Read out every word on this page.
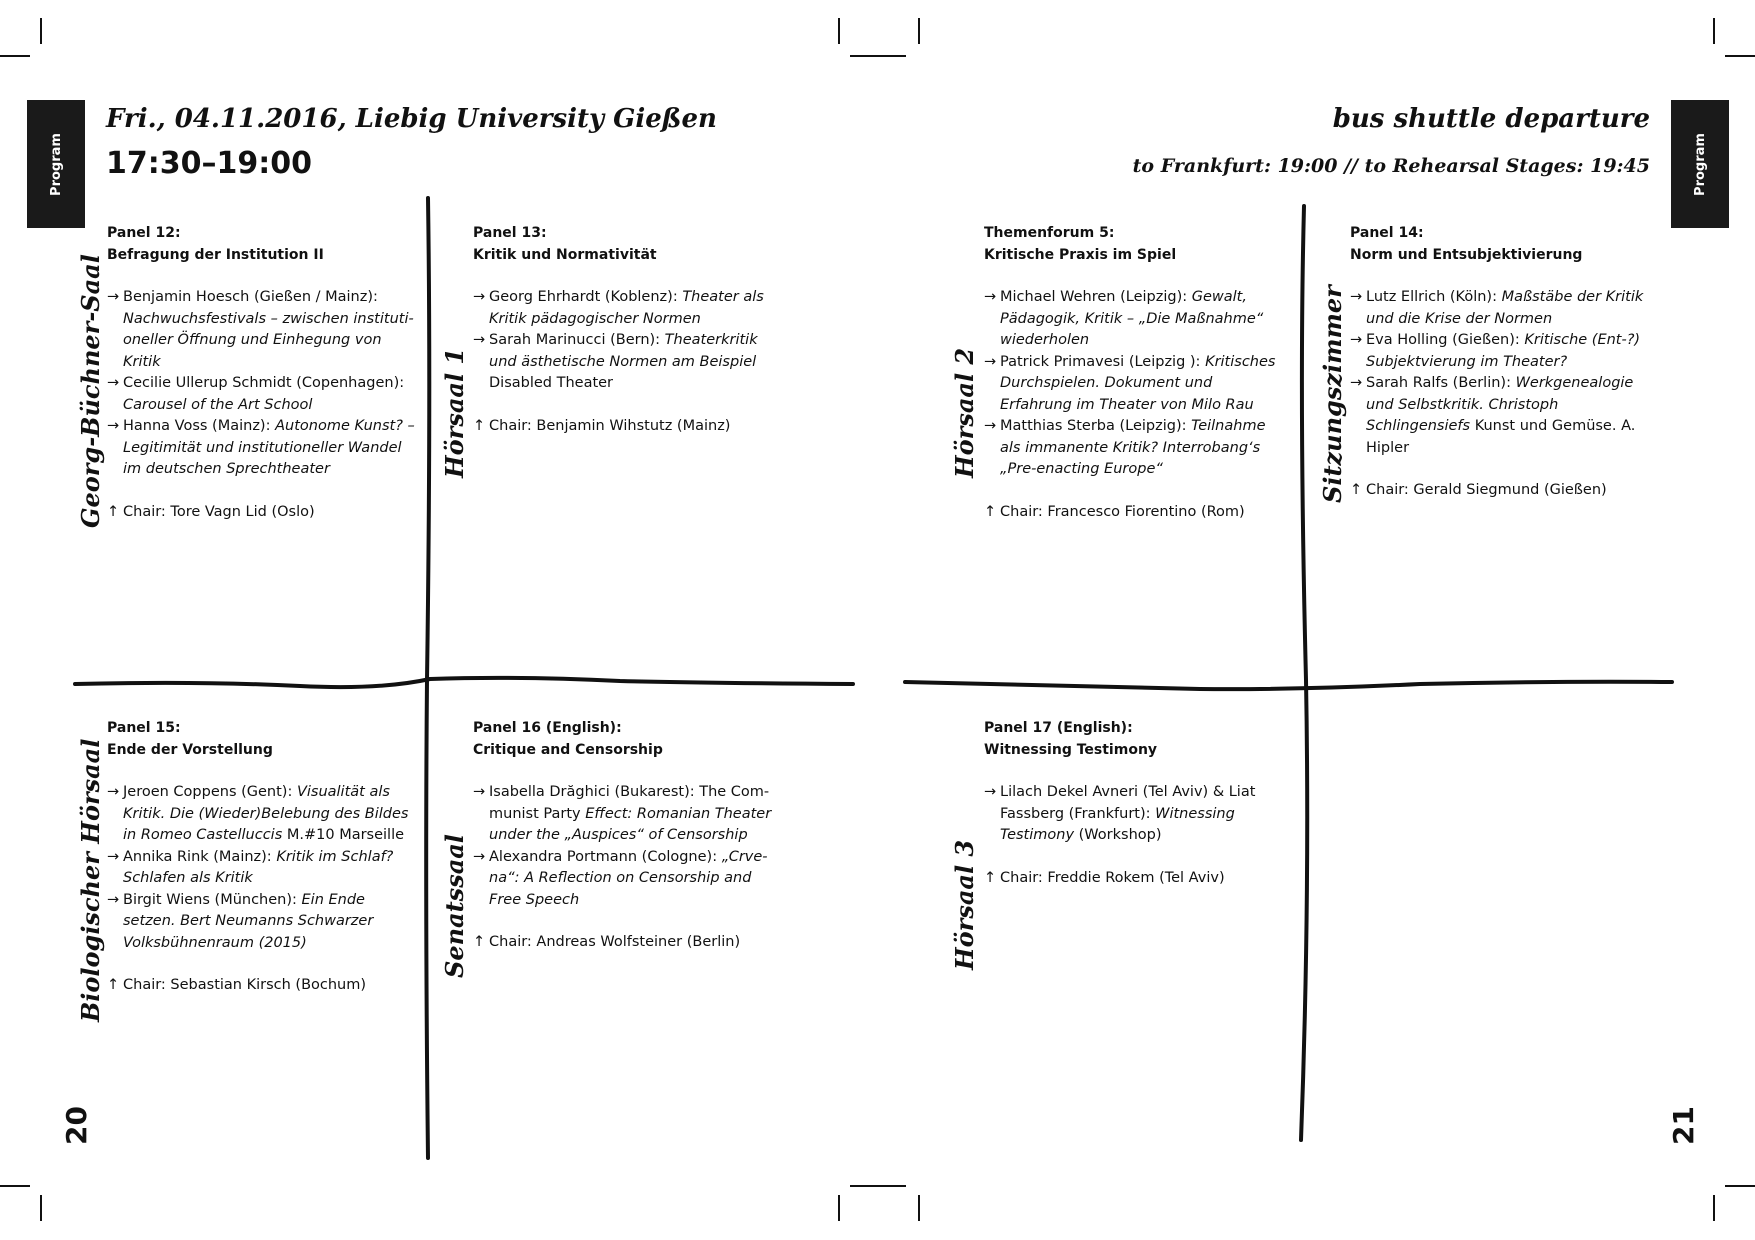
Program	Program
Fri., 04.11.2016, Liebig University Gießen
17:30–19:00
bus shuttle departure
to Frankfurt: 19:00 // to Rehearsal Stages: 19:45
Georg-Büchner-Saal	Hörsaal 1	Hörsaal 2	Sitzungszimmer
Biologischer Hörsaal	Senatssaal	Hörsaal 3
20	21
Panel 12:
Befragung der Institution II
→ Benjamin Hoesch (Gießen / Mainz): Nachwuchsfestivals – zwischen institutioneller Öffnung und Einhegung von Kritik
→ Cecilie Ullerup Schmidt (Copenhagen): Carousel of the Art School
→ Hanna Voss (Mainz): Autonome Kunst? – Legitimität und institutioneller Wandel im deutschen Sprechtheater
↑ Chair: Tore Vagn Lid (Oslo)
Panel 13:
Kritik und Normativität
→ Georg Ehrhardt (Koblenz): Theater als Kritik pädagogischer Normen
→ Sarah Marinucci (Bern): Theaterkritik und ästhetische Normen am Beispiel Disabled Theater
↑ Chair: Benjamin Wihstutz (Mainz)
Themenforum 5:
Kritische Praxis im Spiel
→ Michael Wehren (Leipzig): Gewalt, Pädagogik, Kritik – „Die Maßnahme“ wiederholen
→ Patrick Primavesi (Leipzig ): Kritisches Durchspielen. Dokument und Erfahrung im Theater von Milo Rau
→ Matthias Sterba (Leipzig): Teilnahme als immanente Kritik? Interrobang‘s „Pre-enacting Europe“
↑ Chair: Francesco Fiorentino (Rom)
Panel 14:
Norm und Entsubjektivierung
→ Lutz Ellrich (Köln): Maßstäbe der Kritik und die Krise der Normen
→ Eva Holling (Gießen): Kritische (Ent-?) Subjektvierung im Theater?
→ Sarah Ralfs (Berlin): Werkgenealogie und Selbstkritik. Christoph Schlingensiefs Kunst und Gemüse. A. Hipler
↑ Chair: Gerald Siegmund (Gießen)
Panel 15:
Ende der Vorstellung
→ Jeroen Coppens (Gent): Visualität als Kritik. Die (Wieder)Belebung des Bildes in Romeo Castelluccis M.#10 Marseille
→ Annika Rink (Mainz): Kritik im Schlaf? Schlafen als Kritik
→ Birgit Wiens (München): Ein Ende setzen. Bert Neumanns Schwarzer Volksbühnenraum (2015)
↑ Chair: Sebastian Kirsch (Bochum)
Panel 16 (English):
Critique and Censorship
→ Isabella Drăghici (Bukarest): The Communist Party Effect: Romanian Theater under the „Auspices“ of Censorship
→ Alexandra Portmann (Cologne): „Crvena“: A Reflection on Censorship and Free Speech
↑ Chair: Andreas Wolfsteiner (Berlin)
Panel 17 (English):
Witnessing Testimony
→ Lilach Dekel Avneri (Tel Aviv) & Liat Fassberg (Frankfurt): Witnessing Testimony (Workshop)
↑ Chair: Freddie Rokem (Tel Aviv)
